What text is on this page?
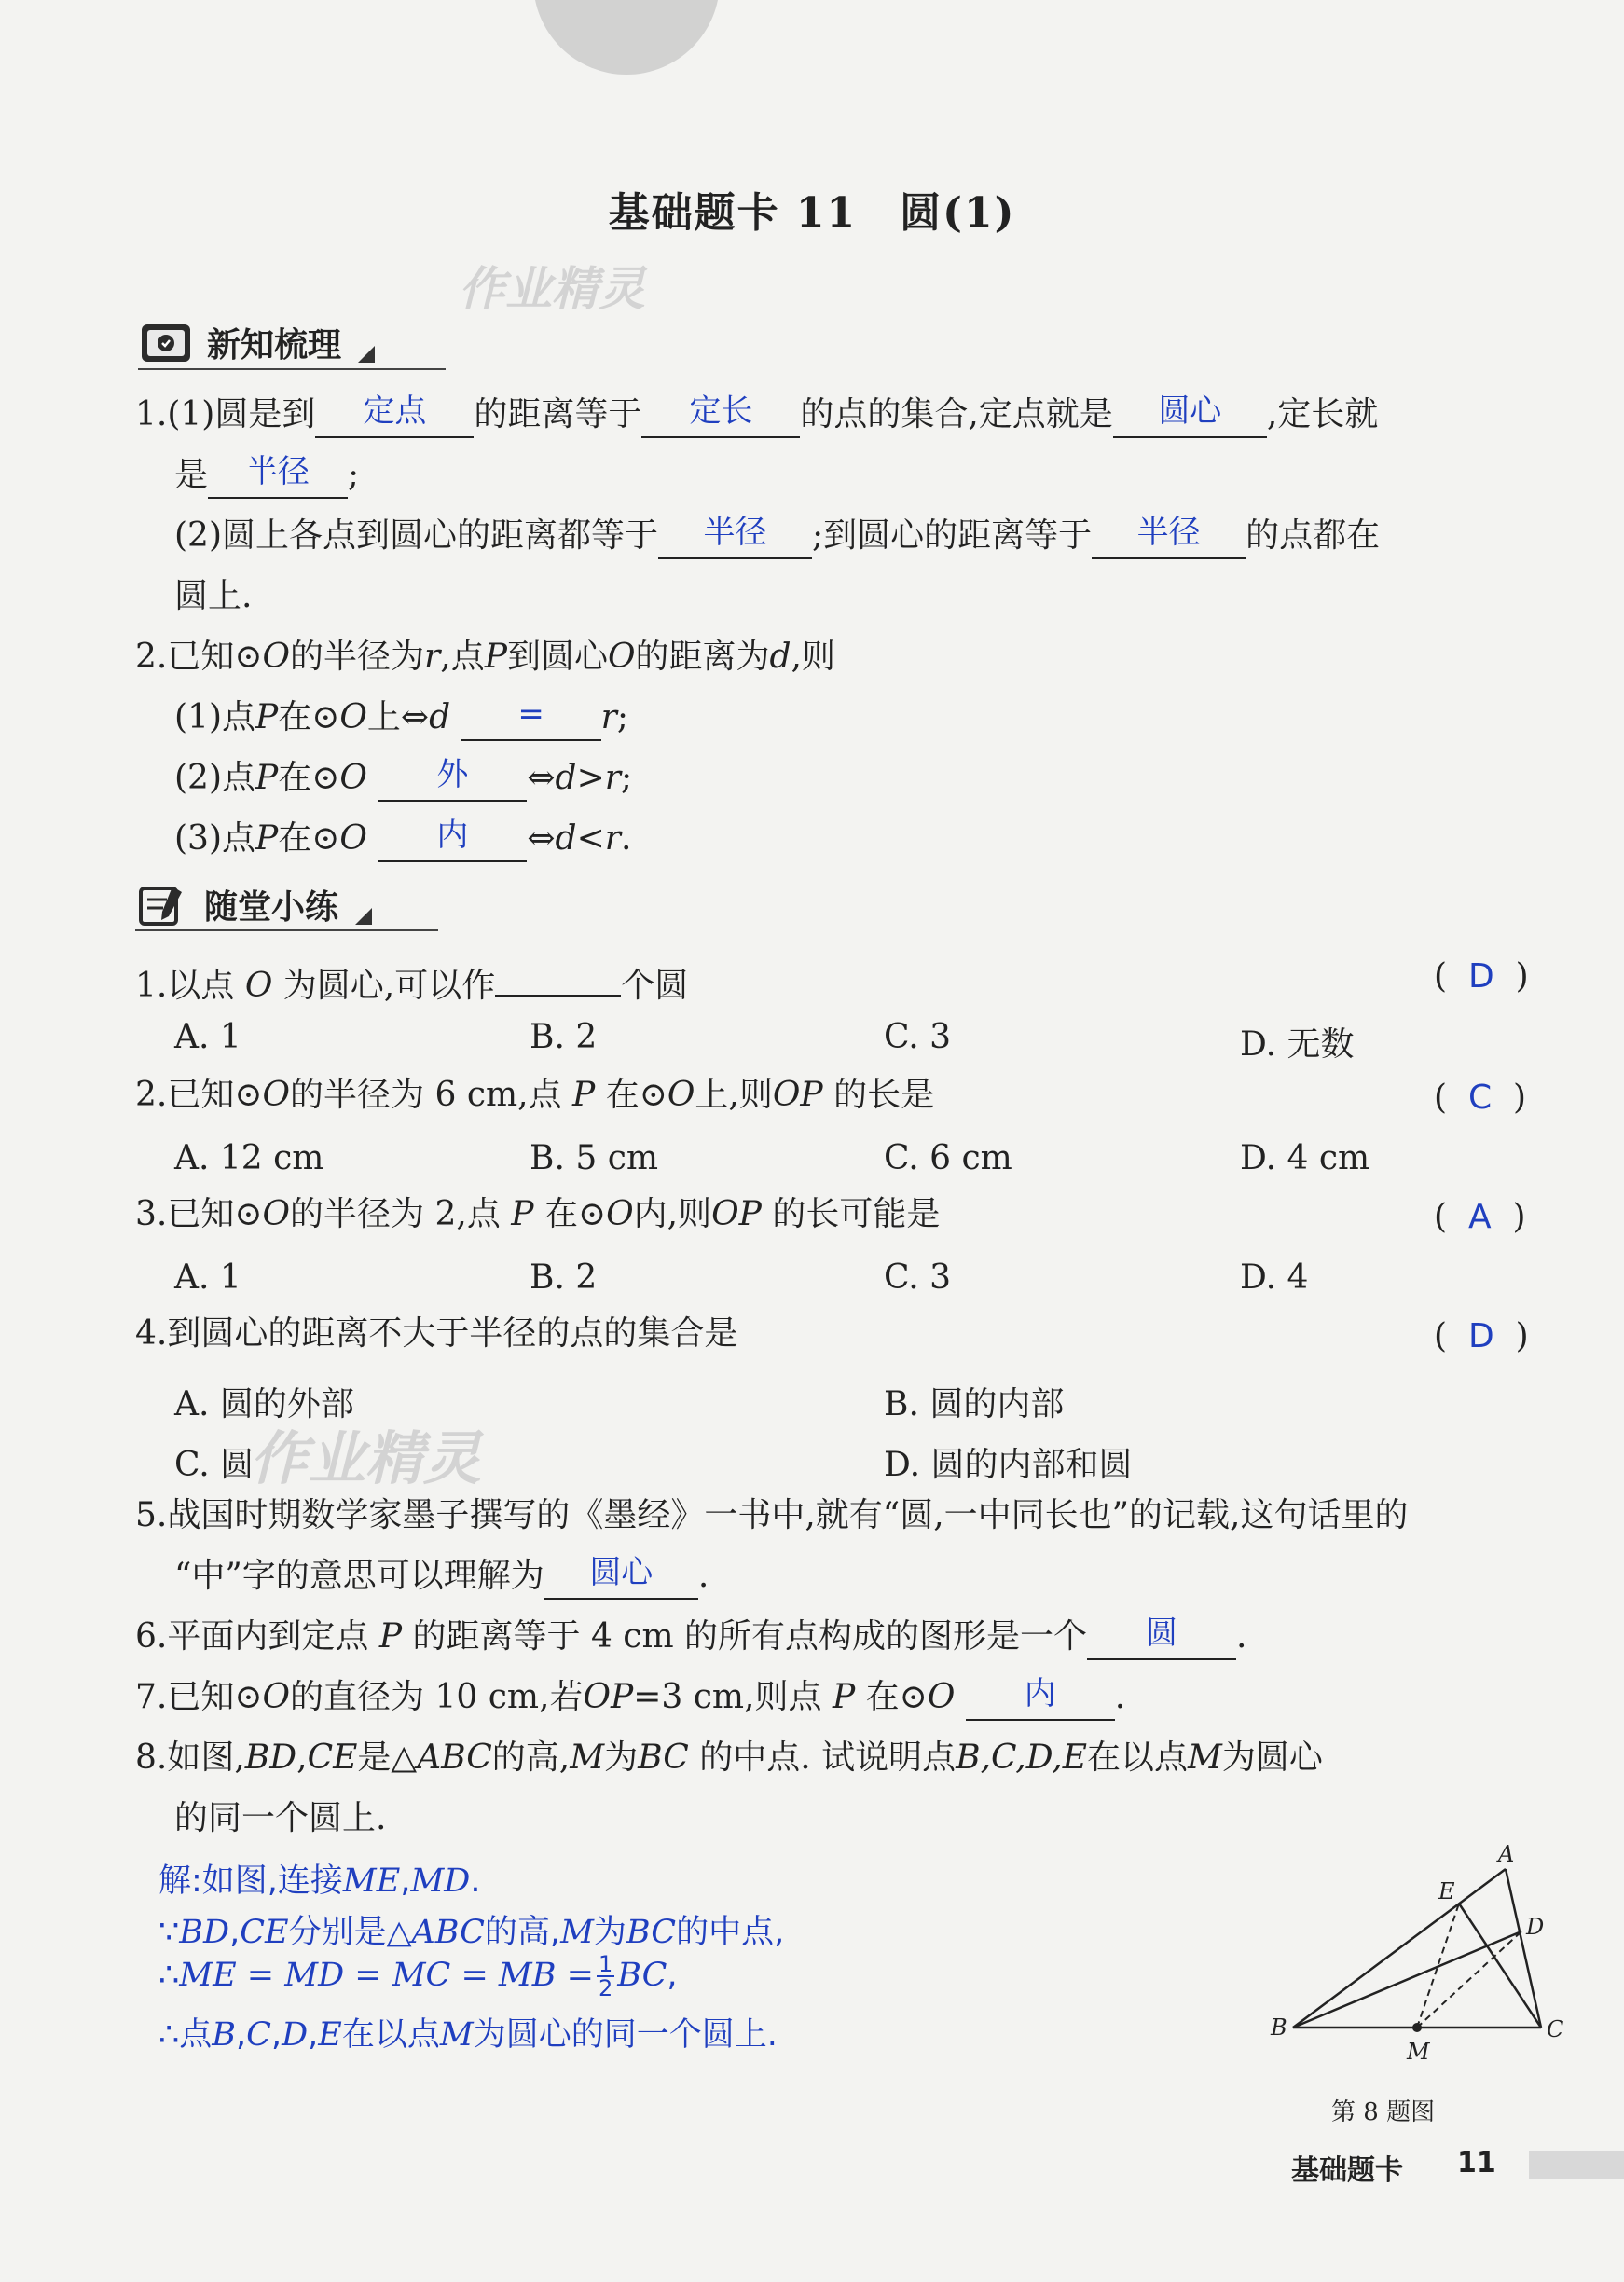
基础题卡 11　圆(1)
作业精灵
作业精灵
新知梳理
1.(1)圆是到 定点 的距离等于 定长 的点的集合,定点就是 圆心 ,定长就
是 半径 ;
(2)圆上各点到圆心的距离都等于 半径 ;到圆心的距离等于 半径 的点都在
圆上.
2.已知⊙O的半径为r,点P到圆心O的距离为d,则
(1)点P在⊙O上⇔d = r;
(2)点P在⊙O 外 ⇔d>r;
(3)点P在⊙O 内 ⇔d<r.
随堂小练
1.以点 O 为圆心,可以作	个圆	( D )
A. 1	B. 2	C. 3	D. 无数
2.已知⊙O的半径为 6 cm,点 P 在⊙O上,则OP 的长是	( C )
A. 12 cm	B. 5 cm	C. 6 cm	D. 4 cm
3.已知⊙O的半径为 2,点 P 在⊙O内,则OP 的长可能是	( A )
A. 1	B. 2	C. 3	D. 4
4.到圆心的距离不大于半径的点的集合是	( D )
A. 圆的外部	B. 圆的内部
C. 圆	D. 圆的内部和圆
5.战国时期数学家墨子撰写的《墨经》一书中,就有“圆,一中同长也”的记载,这句话里的
“中”字的意思可以理解为 圆心 .
6.平面内到定点 P 的距离等于 4 cm 的所有点构成的图形是一个 圆 .
7.已知⊙O的直径为 10 cm,若OP=3 cm,则点 P 在⊙O 内 .
8.如图,BD,CE是△ABC的高,M为BC 的中点. 试说明点B,C,D,E在以点M为圆心
的同一个圆上.
解:如图,连接ME,MD.
∵BD,CE分别是△ABC的高,M为BC的中点,
∴ME = MD = MC = MB = $\frac{1}{2}$ BC,
∴点B,C,D,E在以点M为圆心的同一个圆上.
A
B	C
D
E
M
第 8 题图
基础题卡 11
